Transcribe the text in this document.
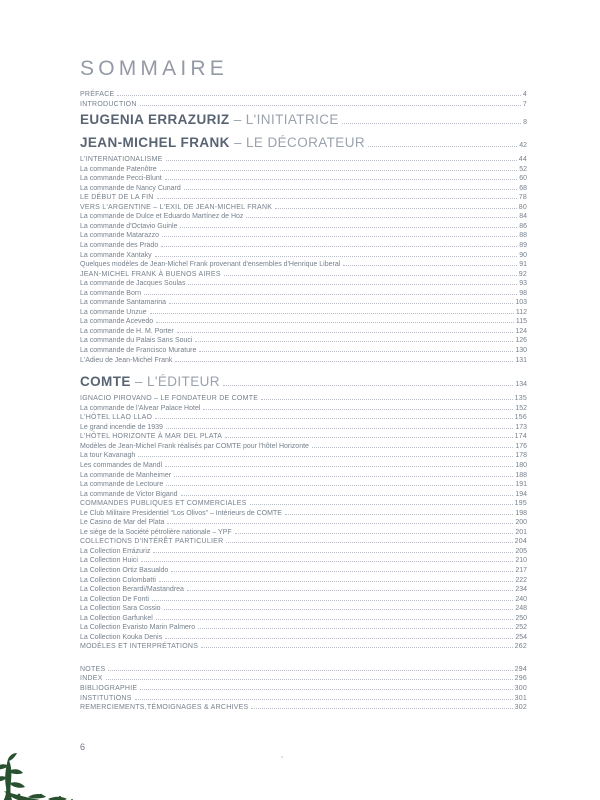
SOMMAIRE
PRÉFACE	4
INTRODUCTION	7
EUGENIA ERRAZURIZ – L'INITIATRICE	8
JEAN-MICHEL FRANK – LE DÉCORATEUR	42
L'INTERNATIONALISME	44
La commande Patenôtre	52
La commande Pecci-Blunt	60
La commande de Nancy Cunard	68
LE DÉBUT DE LA FIN	78
VERS L'ARGENTINE – L'EXIL DE JEAN-MICHEL FRANK	80
La commande de Dulce et Eduardo Martínez de Hoz	84
La commande d'Octavio Guinle	86
La commande Matarazzo	88
La commande des Prado	89
La commande Xantaky	90
Quelques modèles de Jean-Michel Frank provenant d'ensembles d'Henrique Liberal	91
JEAN-MICHEL FRANK À BUENOS AIRES	92
La commande de Jacques Soulas	93
La commande Born	98
La commande Santamarina	103
La commande Unzue	112
La commande Acevedo	115
La commande de H. M. Porter	124
La commande du Palais Sans Souci	126
La commande de Francisco Murature	130
L'Adieu de Jean-Michel Frank	131
COMTE – L'ÉDITEUR	134
IGNACIO PIROVANO – LE FONDATEUR DE COMTE	135
La commande de l'Alvear Palace Hotel	152
L'HÔTEL LLAO LLAO	156
Le grand incendie de 1939	173
L'HÔTEL HORIZONTE À MAR DEL PLATA	174
Modèles de Jean-Michel Frank réalisés par COMTE pour l'hôtel Horizonte	176
La tour Kavanagh	178
Les commandes de Mandl	180
La commande de Manheimer	188
La commande de Lectoure	191
La commande de Victor Bigand	194
COMMANDES PUBLIQUES ET COMMERCIALES	195
Le Club Militaire Presidentiel “Los Olivos” – Intérieurs de COMTE	198
Le Casino de Mar del Plata	200
Le siège de la Société pétrolière nationale – YPF	201
COLLECTIONS D'INTÉRÊT PARTICULIER	204
La Collection Errázuriz	205
La Collection Huici	210
La Collection Ortiz Basualdo	217
La Collection Colombatti	222
La Collection Berardi/Mastandrea	234
La Collection De Fonti	240
La Collection Sara Cossio	248
La Collection Garfunkel	250
La Collection Evaristo Marin Palmero	252
La Collection Kouka Denis	254
MODÈLES ET INTERPRÉTATIONS	262
NOTES	294
INDEX	296
BIBLIOGRAPHIE	300
INSTITUTIONS	301
REMERCIEMENTS,TÉMOIGNAGES & ARCHIVES	302
6
